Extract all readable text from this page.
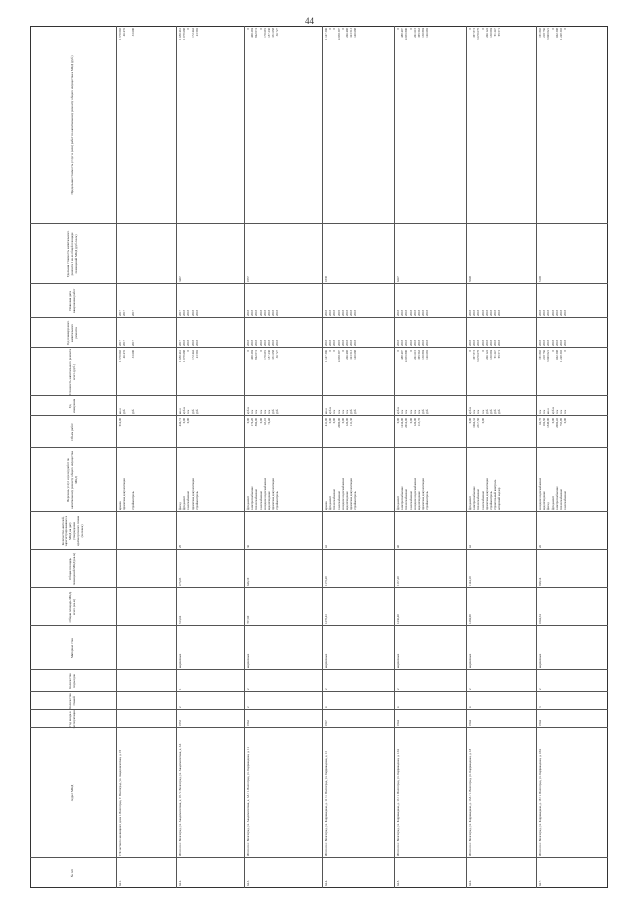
44
№ п/п
Адрес МКД
Год ввода в эксплуатацию
Количество этажей
Количество подъездов
Материал стен
Общая площадь МКД, всего (кв.м)
Общая площадь помещений МКД (кв.м)
Количество жителей, зарегистрированных в МКД на дату утверждения краткосрочного плана (человек)
Перечень услуг и (или) работ по капитальному ремонту общего имущества МКД
Объем работ
Ед. измерения
Стоимость капитального ремонта всего (руб.)
Год планируемого капитального ремонта
Плановая дата завершения работ
Удельная стоимость капитального ремонта 1 кв.м общей площади помещений МКД (руб./кв.м)
Предельная стоимость услуг и (или) работ по капитальному ремонту общего имущества в МКД (руб.)
64.1.
Г/К частного жилищного дома г. Волгоград, Г. Волгоград, ул. Академическая, д. 19
крыша проектная документация стройконтроль
912,00
кв.м руб. руб.
1 570 065 46 476 33 600
2017 2017 2017
2017 2017 2017
1 570 065 46 476 33 600
64.2.
Итого по г. Волгоград, ул. Академическая, д. 19 / г. Волгоград, ул. Академическая, д. 3А
1953
2
1
кирпичные
513,62
475,03
29
3467
фасад фундамент газоснабжение проектная документация стройконтроль
434,72 0,00 0,00
кв.м куб.м п.м руб. руб.
1 650 461 1 079 688 0 172 442 23 592
2017 2018 2018 2018 2018
2017 2018 2018 2018 2018
1 650 461 1 079 688 0 172 442 23 592
64.3.
Итого по г. Волгоград, ул. Академическая, д. 3А / г. Волгоград, ул. Баррикадная, д. 11
1962
2
2
кирпичные
707,60
646,10
36
1957
фундамент электроснабжение теплоснабжение газоснабжение холодное водоснабжение водоотведение проектная документация стройконтроль
0,00 176,20 584,00 0,00 63,10 74,40
куб.м п.м п.м п.м п.м п.м руб. руб.
0 400 294 942 072 0 170 691 157 230 331 658 36 727
2018 2018 2018 2018 2018 2018 2018 2018
2018 2018 2018 2018 2018 2018 2018 2018
0 400 294 942 072 0 170 691 157 230 331 658 36 727
64.4.
Итого по г. Волгоград, ул. Баррикадная, д. 11 / г. Волгоград, ул. Баррикадная, д. 13
1947
4
2
кирпичные
1270,43
1175,20
42
1839
крыша фундамент теплоснабжение газоснабжение холодное водоснабжение водоотведение проектная документация стройконтроль
411,00 0,00 0,00 2000,00 0,00 126,00 111,30
кв.м куб.м п.м п.м п.м п.м руб. руб.
1 147 306 0 0 4 838 307 0 266 469 323 513 140 688
2018 2018 2018 2019 2018 2018 2018 2018
2018 2018 2018 2019 2018 2018 2018 2018
1 147 306 0 0 4 838 307 0 266 469 323 513 140 688
64.5.
Итого по г. Волгоград, ул. Баррикадная, д. 13 / г. Волгоград, ул. Баррикадная, д. 13А
1944
4
2
кирпичные
1236,40
1137,20
40
6247
фундамент электроснабжение теплоснабжение газоснабжение холодное водоснабжение водоотведение проектная документация стройконтроль
0,00 1234,00 2014,00 0,00 126,00 113,70
куб.м п.м п.м п.м п.м п.м руб. руб.
0 489 407 4 835 800 0 261 615 395 563 130 894 126 692
2018 2018 2018 2018 2018 2018 2018 2018
2018 2018 2018 2018 2018 2018 2018 2018
0 489 407 4 835 800 0 261 615 395 563 130 894 126 692
64.6.
Итого по г. Волгоград, ул. Баррикадная, д. 13А / г. Волгоград, ул. Баррикадная, д. 18
1944
4
2
кирпичные
1284,00
1144,10
42
5549
фундамент электроснабжение теплоснабжение газоснабжение проектная документация стройконтроль строительный контроль авторский надзор
0,00 1064,32 2317,50 0,00
куб.м п.м п.м п.м руб. руб. руб. руб.
0 397 873 3 670 679 0 266 122 130 094 91 247 95 571
2018 2018 2018 2018 2018 2018 2018 2018
2018 2018 2018 2018 2018 2018 2018 2018
0 397 873 3 670 679 0 266 122 130 094 91 247 95 571
64.7.
Итого по г. Волгоград, ул. Баррикадная, д. 18 / г. Волгоград, ул. Баррикадная, д. 18А
1944
3
2
кирпичные
1044,34
948,14
26
5105
холодное водоснабжение водоотведение фасад фундамент электроснабжение теплоснабжение газоснабжение
62,70 102,50 1549,00 0,00 2006,45 753,90 0,00
п.м п.м кв.м куб.м п.м п.м п.м
191 865 218 756 3 845 021 0 602 308 1 229 303 0
2018 2018 2018 2018 2018 2018 2018
2018 2018 2018 2018 2018 2018 2018
191 865 218 756 3 845 021 0 602 308 1 229 303 0
